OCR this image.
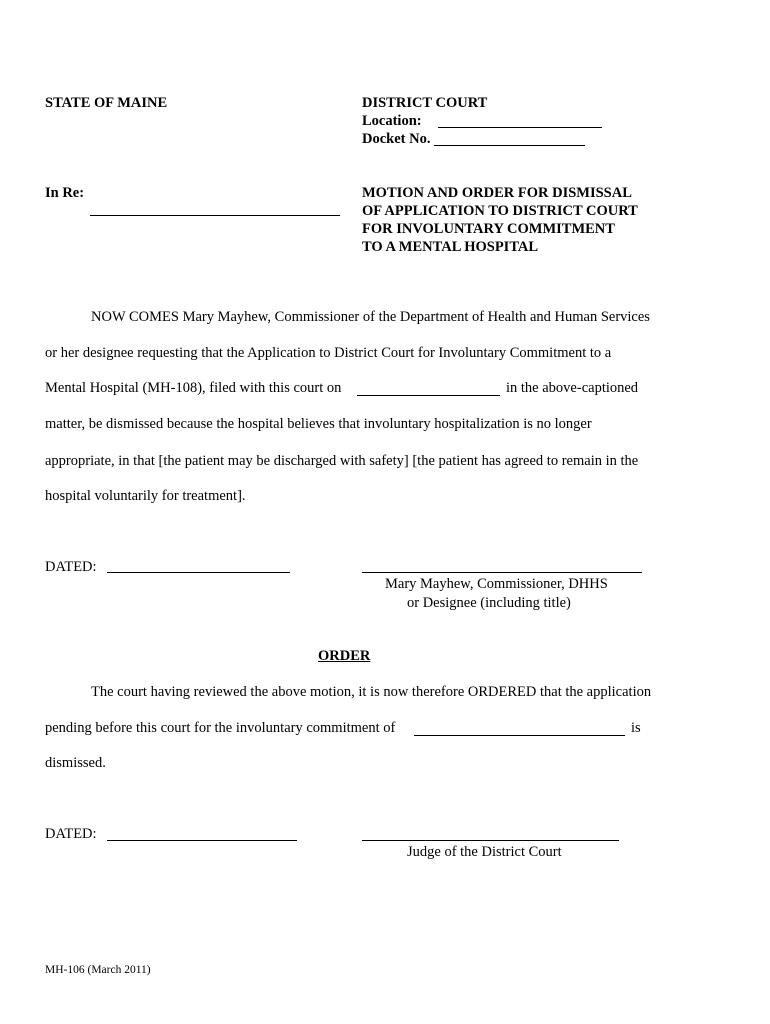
STATE OF MAINE	DISTRICT COURT
Location:
Docket No.
In Re:	MOTION AND ORDER FOR DISMISSAL
OF APPLICATION TO DISTRICT COURT
FOR INVOLUNTARY COMMITMENT
TO A MENTAL HOSPITAL
NOW COMES Mary Mayhew, Commissioner of the Department of Health and Human Services
or her designee requesting that the Application to District Court for Involuntary Commitment to a
Mental Hospital (MH-108), filed with this court on	in the above-captioned
matter, be dismissed because the hospital believes that involuntary hospitalization is no longer
appropriate, in that [the patient may be discharged with safety] [the patient has agreed to remain in the
hospital voluntarily for treatment].
DATED:
Mary Mayhew, Commissioner, DHHS
or Designee (including title)
ORDER
The court having reviewed the above motion, it is now therefore ORDERED that the application
pending before this court for the involuntary commitment of	is
dismissed.
DATED:
Judge of the District Court
MH-106 (March 2011)
